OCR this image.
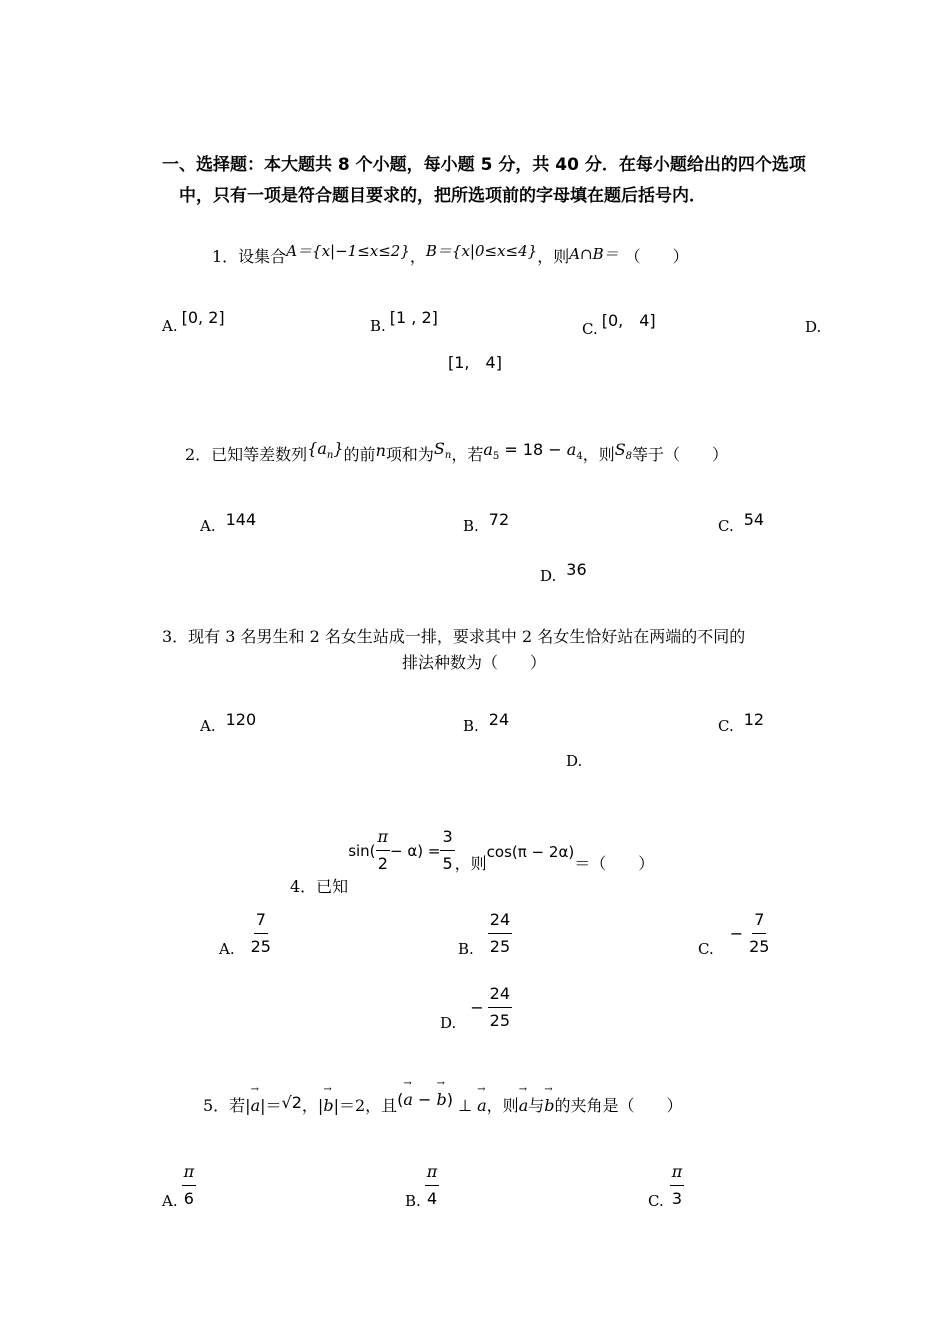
一、选择题：本大题共 8 个小题，每小题 5 分，共 40 分．在每小题给出的四个选项
中，只有一项是符合题目要求的，把所选项前的字母填在题后括号内．
1．设集合A＝{x|−1≤x≤2}，B＝{x|0≤x≤4}，则A∩B＝ （　　）
A. [0, 2]	B. [1 , 2]
C. [0,　4]	D.
[1,　4]
2．已知等差数列$\{a_n\}$的前n项和为$S_n$，若$a_5 = 18 - a_4$，则$S_8$等于（　　）
A. 144	B. 72	C. 54
D. 36
3．现有 3 名男生和 2 名女生站成一排，要求其中 2 名女生恰好站在两端的不同的
排法种数为（　　）
A. 120	B. 24	C. 12
D.
4．已知
$\sin( \frac{\pi}{2} - \alpha) = \frac{3}{5}$ ，则
cos(π − 2α)
＝（　　）
A. $\frac{7}{25}$	B. $\frac{24}{25}$	C.
− $\frac{7}{25}$
D.
− $\frac{24}{25}$
5．若|→ a|＝√2，|→ b|＝2，且(→ a − → b) ⊥ → a，则→ a与→ b的夹角是（　　）
A. $\frac{\pi}{6}$	B. $\frac{\pi}{4}$	C. $\frac{\pi}{3}$
